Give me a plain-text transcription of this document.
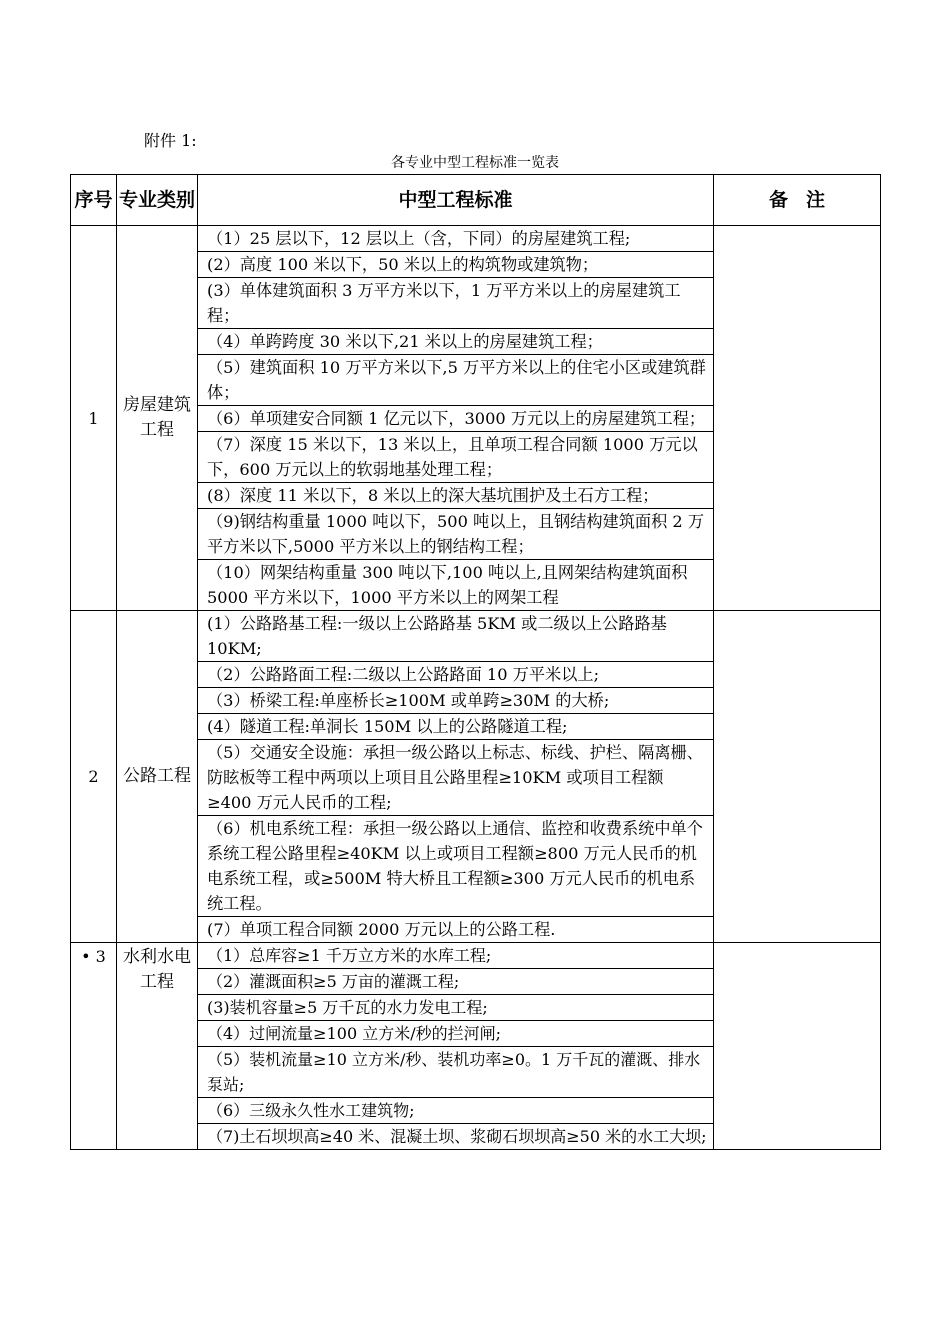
附件 1:
各专业中型工程标准一览表
序号	专业类别	中型工程标准	备注
1	房屋建筑工程	（1）25 层以下，12 层以上（含，下同）的房屋建筑工程;	
		(2）高度 100 米以下，50 米以上的构筑物或建筑物；	
		(3）单体建筑面积 3 万平方米以下，1 万平方米以上的房屋建筑工程；	
		（4）单跨跨度 30 米以下,21 米以上的房屋建筑工程；	
		（5）建筑面积 10 万平方米以下,5 万平方米以上的住宅小区或建筑群体；	
		（6）单项建安合同额 1 亿元以下，3000 万元以上的房屋建筑工程；	
		（7）深度 15 米以下，13 米以上，且单项工程合同额 1000 万元以下，600 万元以上的软弱地基处理工程；	
		(8）深度 11 米以下，8 米以上的深大基坑围护及土石方工程；	
		（9)钢结构重量 1000 吨以下，500 吨以上，且钢结构建筑面积 2 万平方米以下,5000 平方米以上的钢结构工程；	
		（10）网架结构重量 300 吨以下,100 吨以上,且网架结构建筑面积 5000 平方米以下，1000 平方米以上的网架工程	
2	公路工程	(1）公路路基工程:一级以上公路路基 5KM 或二级以上公路路基 10KM;	
		（2）公路路面工程:二级以上公路路面 10 万平米以上;	
		（3）桥梁工程:单座桥长≥100M 或单跨≥30M 的大桥;	
		(4）隧道工程:单洞长 150M 以上的公路隧道工程;	
		（5）交通安全设施：承担一级公路以上标志、标线、护栏、隔离栅、防眩板等工程中两项以上项目且公路里程≥10KM 或项目工程额≥400 万元人民币的工程;	
		（6）机电系统工程：承担一级公路以上通信、监控和收费系统中单个系统工程公路里程≥40KM 以上或项目工程额≥800 万元人民币的机电系统工程，或≥500M 特大桥且工程额≥300 万元人民币的机电系统工程。	
		(7）单项工程合同额 2000 万元以上的公路工程.	
• 3	水利水电工程	（1）总库容≥1 千万立方米的水库工程;	
		（2）灌溉面积≥5 万亩的灌溉工程;	
		(3)装机容量≥5 万千瓦的水力发电工程;	
		（4）过闸流量≥100 立方米/秒的拦河闸;	
		（5）装机流量≥10 立方米/秒、装机功率≥0。1 万千瓦的灌溉、排水泵站;	
		（6）三级永久性水工建筑物;	
		（7)土石坝坝高≥40 米、混凝土坝、浆砌石坝坝高≥50 米的水工大坝;	
